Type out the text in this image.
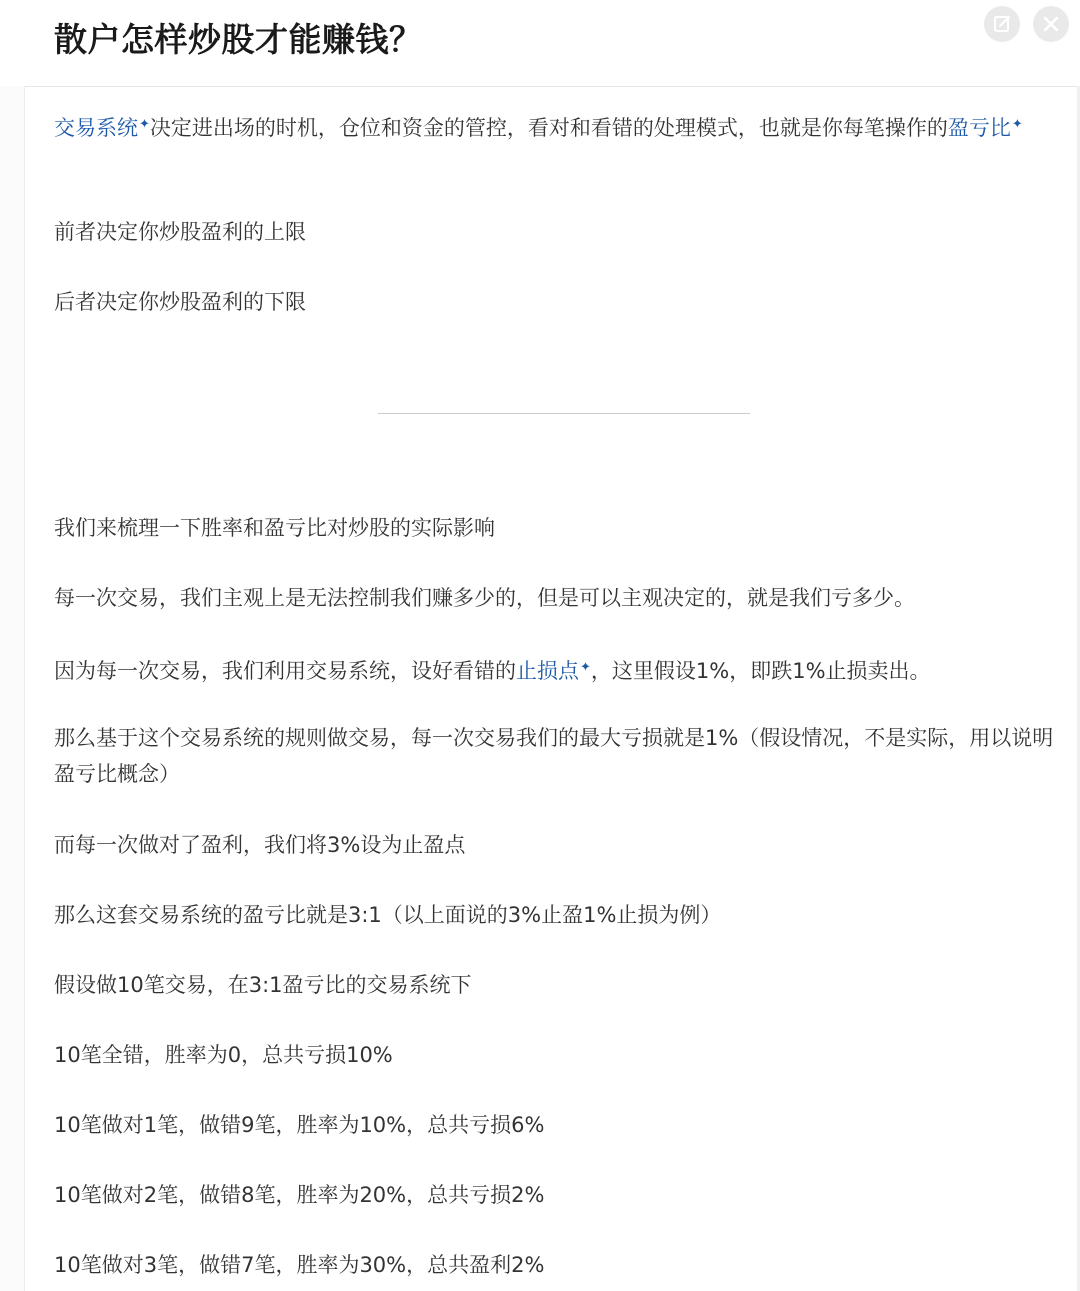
散户怎样炒股才能赚钱？
交易系统✦决定进出场的时机，仓位和资金的管控，看对和看错的处理模式，也就是你每笔操作的盈亏比✦
前者决定你炒股盈利的上限
后者决定你炒股盈利的下限
我们来梳理一下胜率和盈亏比对炒股的实际影响
每一次交易，我们主观上是无法控制我们赚多少的，但是可以主观决定的，就是我们亏多少。
因为每一次交易，我们利用交易系统，设好看错的止损点✦，这里假设1%，即跌1%止损卖出。
那么基于这个交易系统的规则做交易，每一次交易我们的最大亏损就是1%（假设情况，不是实际，用以说明盈亏比概念）
而每一次做对了盈利，我们将3%设为止盈点
那么这套交易系统的盈亏比就是3:1（以上面说的3%止盈1%止损为例）
假设做10笔交易，在3:1盈亏比的交易系统下
10笔全错，胜率为0，总共亏损10%
10笔做对1笔，做错9笔，胜率为10%，总共亏损6%
10笔做对2笔，做错8笔，胜率为20%，总共亏损2%
10笔做对3笔，做错7笔，胜率为30%，总共盈利2%
